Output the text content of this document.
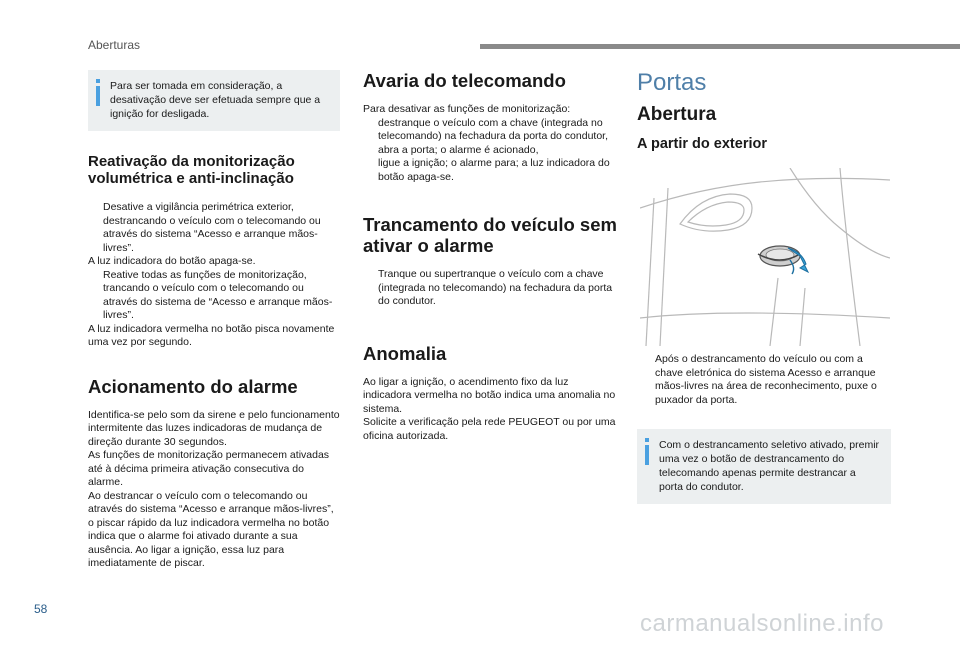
Aberturas
Para ser tomada em consideração, a desativação deve ser efetuada sempre que a ignição for desligada.
Reativação da monitorização
volumétrica e anti-inclinação
Desative a vigilância perimétrica exterior, destrancando o veículo com o telecomando ou através do sistema “Acesso e arranque mãos-livres”.

A luz indicadora do botão apaga-se.

Reative todas as funções de monitorização, trancando o veículo com o telecomando ou através do sistema de “Acesso e arranque mãos-livres”.

A luz indicadora vermelha no botão pisca novamente uma vez por segundo.

Acionamento do alarme

Identifica-se pelo som da sirene e pelo funcionamento intermitente das luzes indicadoras de mudança de direção durante 30 segundos.
As funções de monitorização permanecem ativadas até à décima primeira ativação consecutiva do alarme.
Ao destrancar o veículo com o telecomando ou através do sistema “Acesso e arranque mãos-livres”, o piscar rápido da luz indicadora vermelha no botão indica que o alarme foi ativado durante a sua ausência. Ao ligar a ignição, essa luz para imediatamente de piscar.

Avaria do telecomando

Para desativar as funções de monitorização:

destranque o veículo com a chave (integrada no telecomando) na fechadura da porta do condutor,
abra a porta; o alarme é acionado,
ligue a ignição; o alarme para; a luz indicadora do botão apaga-se.
Trancamento do veículo sem
ativar o alarme
Tranque ou supertranque o veículo com a chave (integrada no telecomando) na fechadura da porta do condutor.
Anomalia

Ao ligar a ignição, o acendimento fixo da luz indicadora vermelha no botão indica uma anomalia no sistema.
Solicite a verificação pela rede PEUGEOT ou por uma oficina autorizada.

Portas
Abertura
A partir do exterior
Após o destrancamento do veículo ou com a chave eletrónica do sistema Acesso e arranque mãos-livres na área de reconhecimento, puxe o puxador da porta.
Com o destrancamento seletivo ativado, premir uma vez o botão de destrancamento do telecomando apenas permite destrancar a porta do condutor.
58
carmanualsonline.info
